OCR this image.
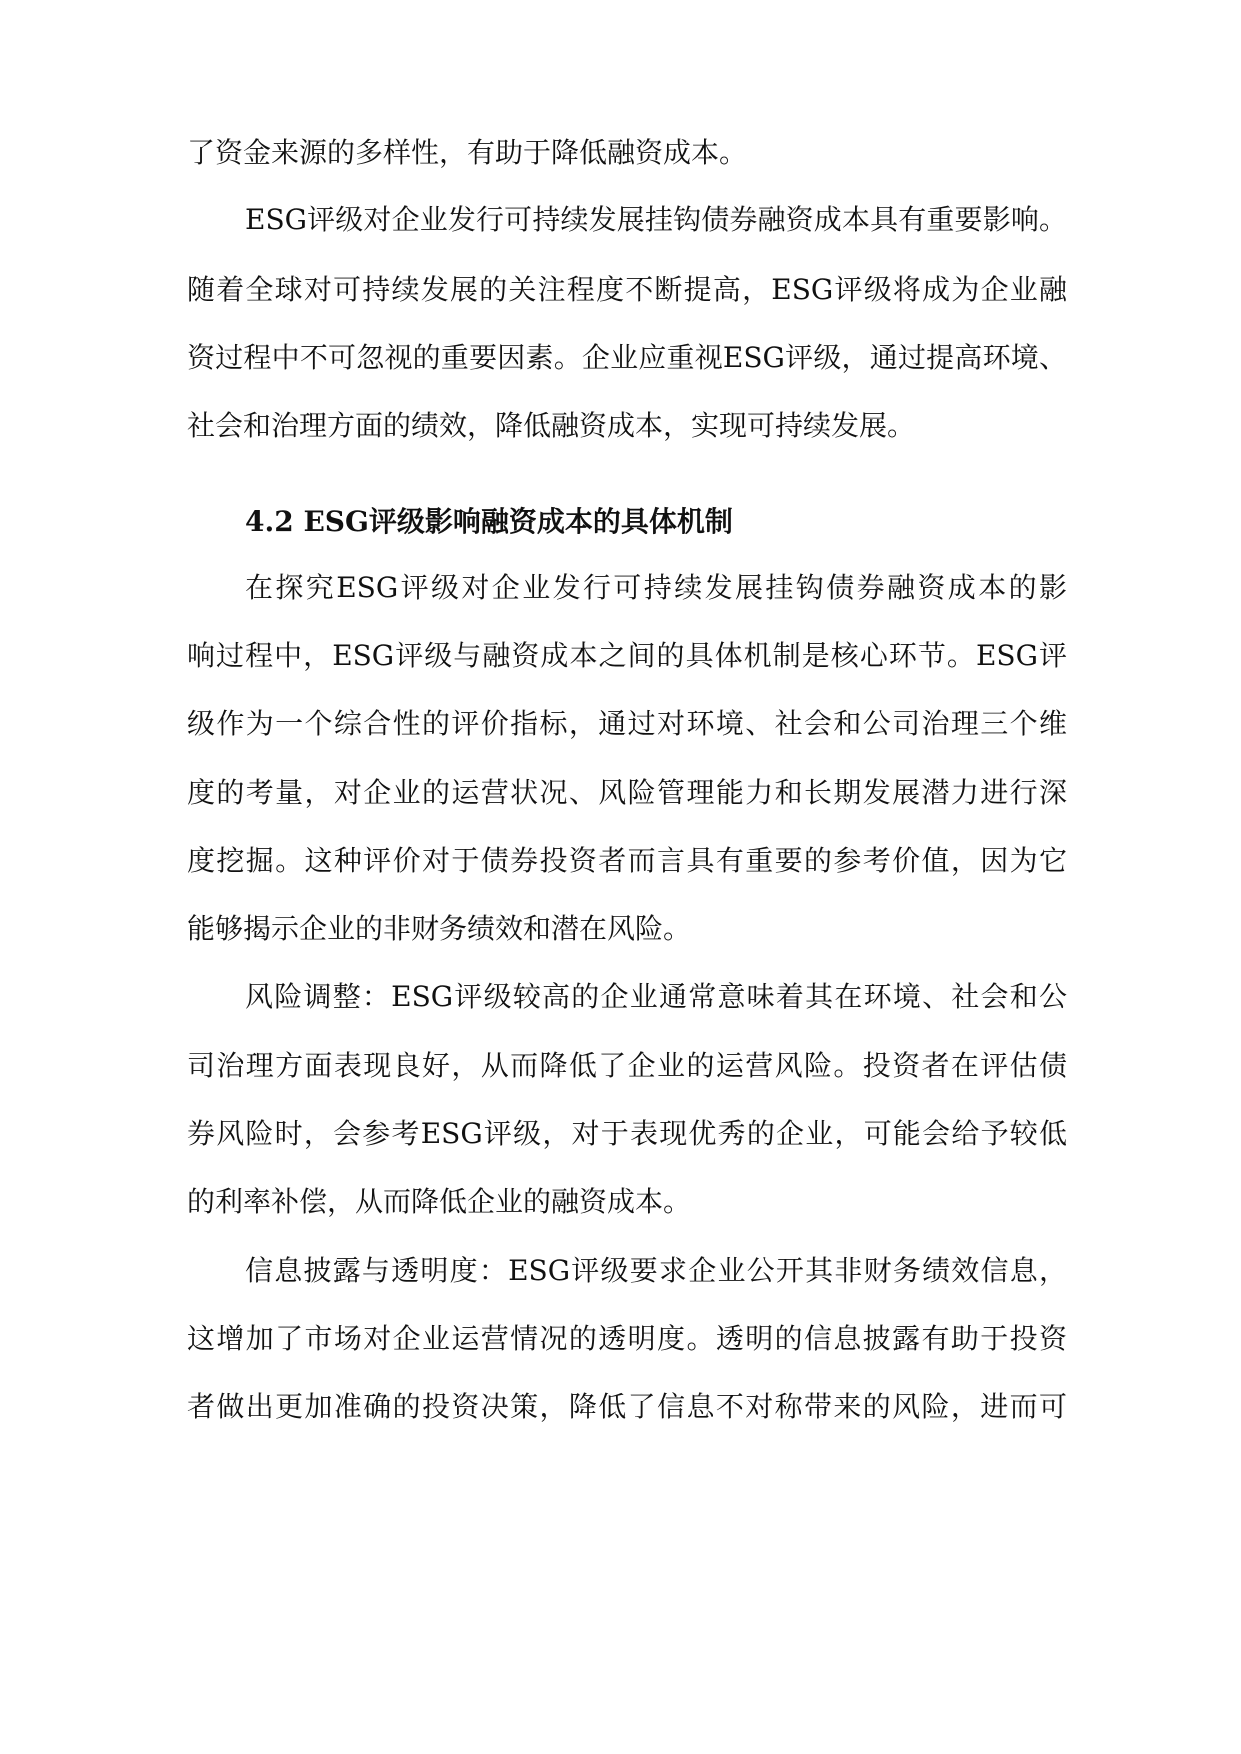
了资金来源的多样性，有助于降低融资成本。
ESG评级对企业发行可持续发展挂钩债券融资成本具有重要影响。
随着全球对可持续发展的关注程度不断提高，ESG评级将成为企业融
资过程中不可忽视的重要因素。企业应重视ESG评级，通过提高环境、
社会和治理方面的绩效，降低融资成本，实现可持续发展。
4.2 ESG评级影响融资成本的具体机制
在探究ESG评级对企业发行可持续发展挂钩债券融资成本的影
响过程中，ESG评级与融资成本之间的具体机制是核心环节。ESG评
级作为一个综合性的评价指标，通过对环境、社会和公司治理三个维
度的考量，对企业的运营状况、风险管理能力和长期发展潜力进行深
度挖掘。这种评价对于债券投资者而言具有重要的参考价值，因为它
能够揭示企业的非财务绩效和潜在风险。
风险调整：ESG评级较高的企业通常意味着其在环境、社会和公
司治理方面表现良好，从而降低了企业的运营风险。投资者在评估债
券风险时，会参考ESG评级，对于表现优秀的企业，可能会给予较低
的利率补偿，从而降低企业的融资成本。
信息披露与透明度：ESG评级要求企业公开其非财务绩效信息，
这增加了市场对企业运营情况的透明度。透明的信息披露有助于投资
者做出更加准确的投资决策，降低了信息不对称带来的风险，进而可
